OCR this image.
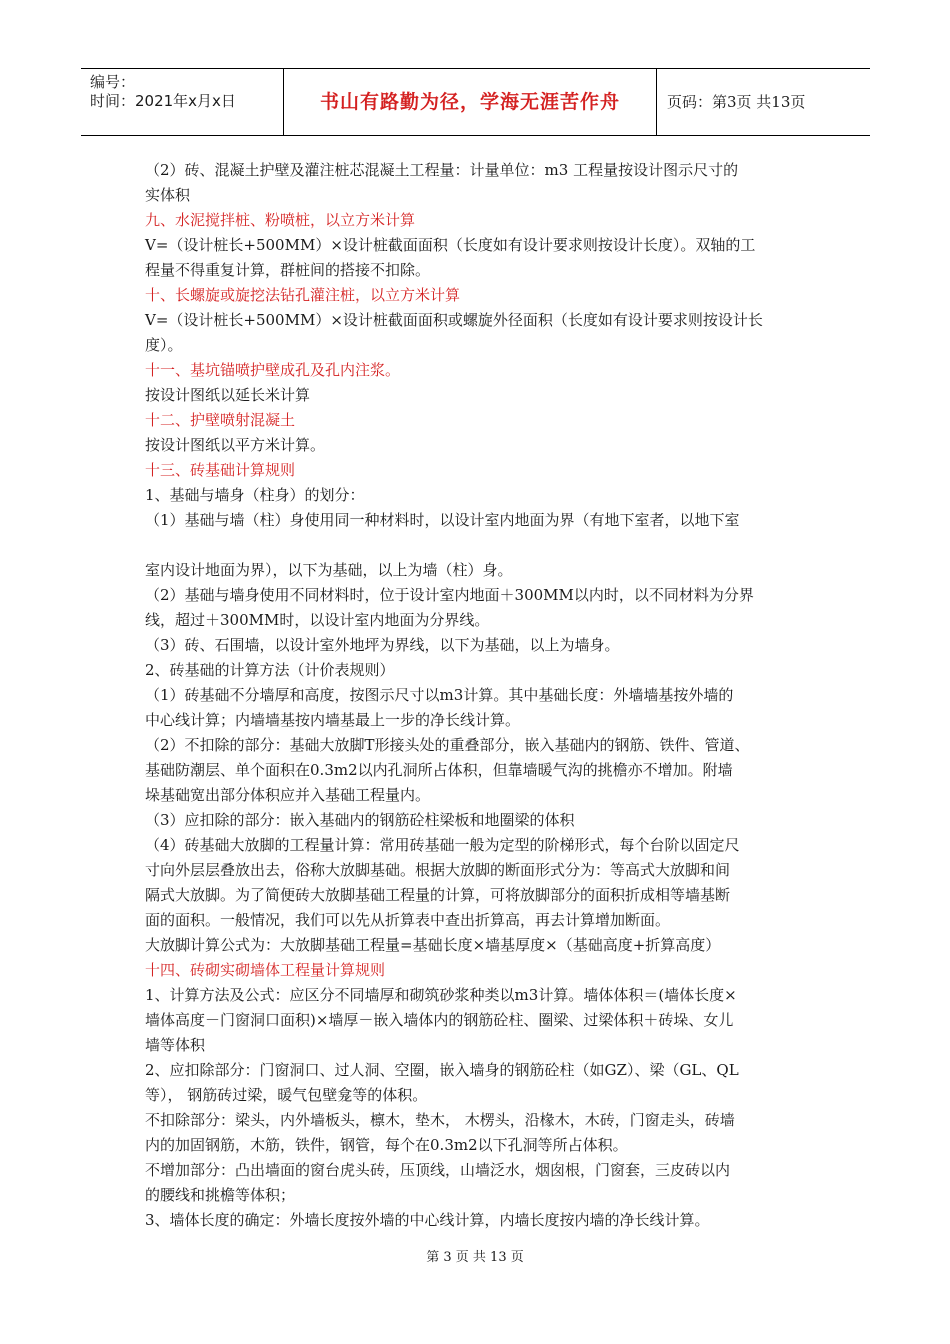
编号：
时间：2021年x月x日	书山有路勤为径，学海无涯苦作舟	页码：第3页 共13页

（2）砖、混凝土护壁及灌注桩芯混凝土工程量：计量单位：m3 工程量按设计图示尺寸的

实体积

九、水泥搅拌桩、粉喷桩，以立方米计算

V=（设计桩长+500MM）×设计桩截面面积（长度如有设计要求则按设计长度）。双轴的工

程量不得重复计算，群桩间的搭接不扣除。

十、长螺旋或旋挖法钻孔灌注桩，以立方米计算

V=（设计桩长+500MM）×设计桩截面面积或螺旋外径面积（长度如有设计要求则按设计长

度）。

十一、基坑锚喷护壁成孔及孔内注浆。

按设计图纸以延长米计算

十二、护壁喷射混凝土

按设计图纸以平方米计算。

十三、砖基础计算规则

1、基础与墙身（柱身）的划分：

（1）基础与墙（柱）身使用同一种材料时，以设计室内地面为界（有地下室者，以地下室

室内设计地面为界），以下为基础，以上为墙（柱）身。

（2）基础与墙身使用不同材料时，位于设计室内地面＋300MM以内时，以不同材料为分界

线，超过＋300MM时，以设计室内地面为分界线。

（3）砖、石围墙，以设计室外地坪为界线，以下为基础，以上为墙身。

2、砖基础的计算方法（计价表规则）

（1）砖基础不分墙厚和高度，按图示尺寸以m3计算。其中基础长度：外墙墙基按外墙的

中心线计算；内墙墙基按内墙基最上一步的净长线计算。

（2）不扣除的部分：基础大放脚T形接头处的重叠部分，嵌入基础内的钢筋、铁件、管道、

基础防潮层、单个面积在0.3m2以内孔洞所占体积，但靠墙暖气沟的挑檐亦不增加。附墙

垛基础宽出部分体积应并入基础工程量内。

（3）应扣除的部分：嵌入基础内的钢筋砼柱梁板和地圈梁的体积

（4）砖基础大放脚的工程量计算：常用砖基础一般为定型的阶梯形式，每个台阶以固定尺

寸向外层层叠放出去，俗称大放脚基础。根据大放脚的断面形式分为：等高式大放脚和间

隔式大放脚。为了简便砖大放脚基础工程量的计算，可将放脚部分的面积折成相等墙基断

面的面积。一般情况，我们可以先从折算表中查出折算高，再去计算增加断面。

大放脚计算公式为：大放脚基础工程量=基础长度×墙基厚度×（基础高度+折算高度）

十四、砖砌实砌墙体工程量计算规则

1、计算方法及公式：应区分不同墙厚和砌筑砂浆种类以m3计算。墙体体积＝(墙体长度×

墙体高度－门窗洞口面积)×墙厚－嵌入墙体内的钢筋砼柱、圈梁、过梁体积＋砖垛、女儿

墙等体积

2、应扣除部分：门窗洞口、过人洞、空圈，嵌入墙身的钢筋砼柱（如GZ）、梁（GL、QL

等）， 钢筋砖过梁，暖气包壁龛等的体积。

不扣除部分：梁头，内外墙板头，檩木，垫木， 木楞头，沿椽木，木砖，门窗走头，砖墙

内的加固钢筋，木筋，铁件，钢管，每个在0.3m2以下孔洞等所占体积。

不增加部分：凸出墙面的窗台虎头砖，压顶线，山墙泛水，烟囱根，门窗套，三皮砖以内

的腰线和挑檐等体积；

3、墙体长度的确定：外墙长度按外墙的中心线计算，内墙长度按内墙的净长线计算。

第 3 页 共 13 页
